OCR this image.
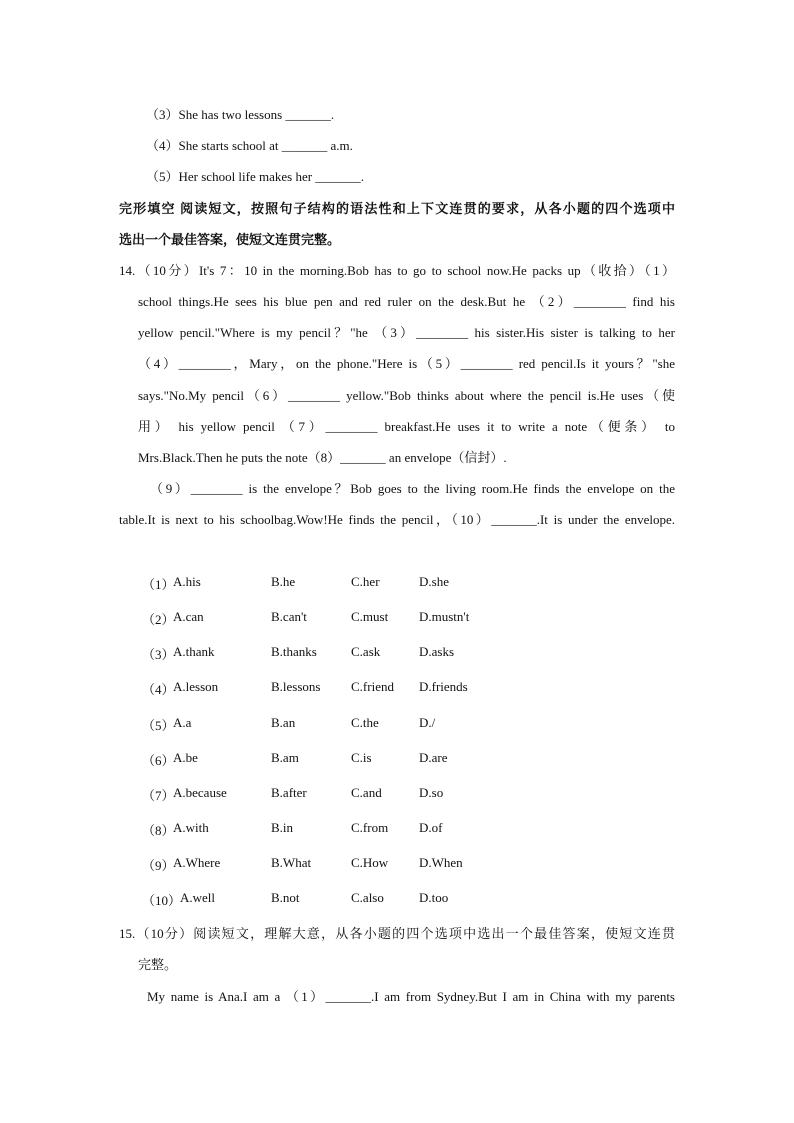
（3）She has two lessons _______.
（4）She starts school at _______ a.m.
（5）Her school life makes her _______.
完形填空 阅读短文，按照句子结构的语法性和上下文连贯的要求，从各小题的四个选项中
选出一个最佳答案，使短文连贯完整。
14.（10分）It's 7：10 in the morning.Bob has to go to school now.He packs up（收拾）（1）
school things.He sees his blue pen and red ruler on the desk.But he （2）________ find his
yellow pencil."Where is my pencil？"he （3）________ his sister.His sister is talking to her
（4）________，Mary，on the phone."Here is（5）________ red pencil.Is it yours？"she
says."No.My pencil（6）________ yellow."Bob thinks about where the pencil is.He uses（使
用） his yellow pencil （7）________ breakfast.He uses it to write a note（便条） to
Mrs.Black.Then he puts the note（8）_______ an envelope（信封）.
（9）________ is the envelope？Bob goes to the living room.He finds the envelope on the
table.It is next to his schoolbag.Wow!He finds the pencil，（10）_______.It is under the envelope.
（1）
A.his	B.he	C.her	D.she
（2）
A.can	B.can't	C.must D.mustn't
（3）
A.thank	B.thanks	C.ask	D.asks
（4）
A.lesson	B.lessons C.friend D.friends
（5）
A.a	B.an	C.the	D./
（6）
A.be	B.am	C.is	D.are
（7）
A.because	B.after	C.and	D.so
（8）
A.with	B.in	C.from D.of
（9）
A.Where	B.What	C.How D.When
（10）
A.well	B.not	C.also	D.too
15.（10分）阅读短文，理解大意，从各小题的四个选项中选出一个最佳答案，使短文连贯
完整。
My name is Ana.I am a （1）_______.I am from Sydney.But I am in China with my parents
